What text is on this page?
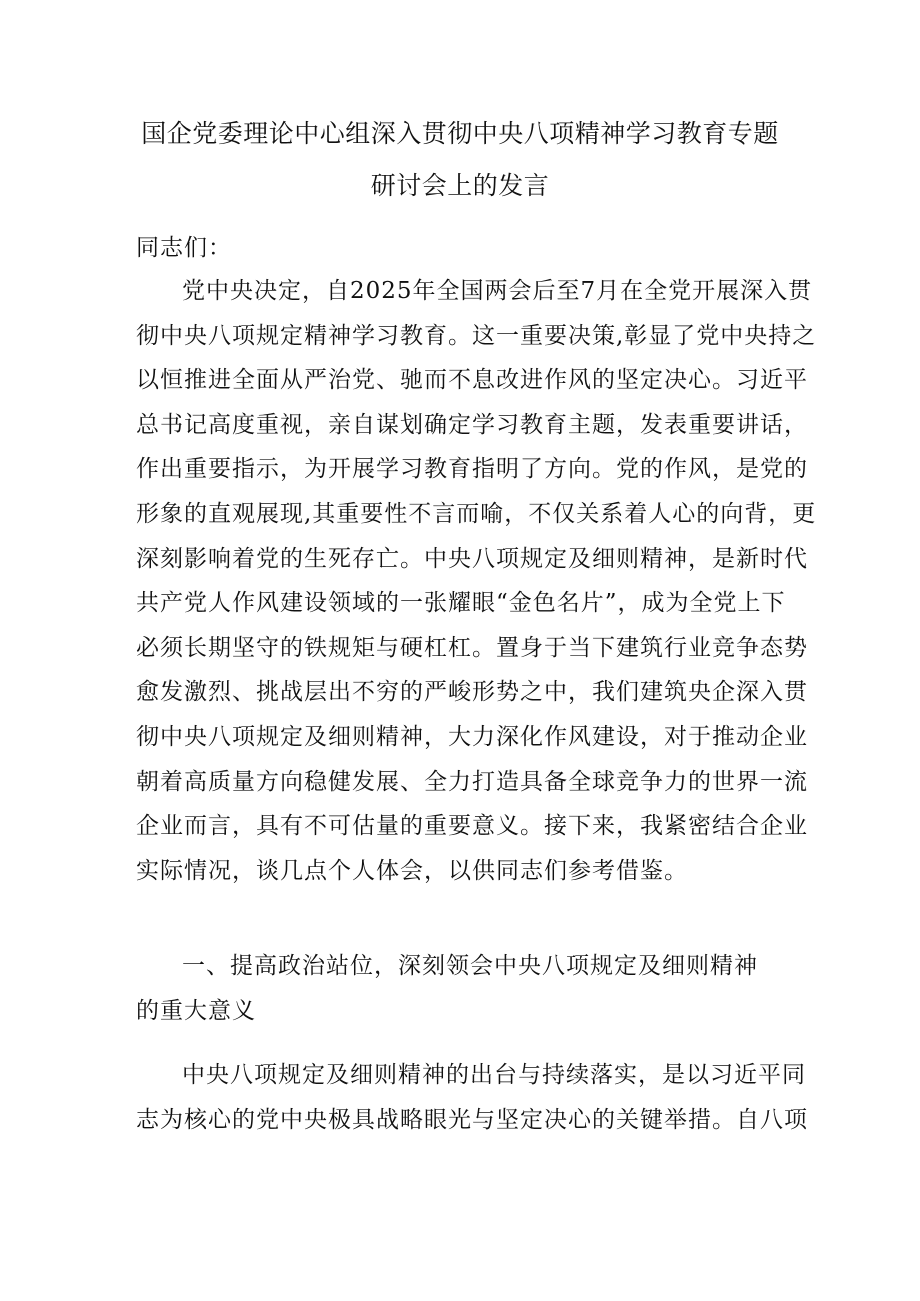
国企党委理论中心组深入贯彻中央八项精神学习教育专题
研讨会上的发言
同志们：
党中央决定，自2025年全国两会后至7月在全党开展深入贯
彻中央八项规定精神学习教育。这一重要决策,彰显了党中央持之
以恒推进全面从严治党、驰而不息改进作风的坚定决心。习近平
总书记高度重视，亲自谋划确定学习教育主题，发表重要讲话，
作出重要指示，为开展学习教育指明了方向。党的作风，是党的
形象的直观展现,其重要性不言而喻，不仅关系着人心的向背，更
深刻影响着党的生死存亡。中央八项规定及细则精神，是新时代
共产党人作风建设领域的一张耀眼“金色名片”，成为全党上下
必须长期坚守的铁规矩与硬杠杠。置身于当下建筑行业竞争态势
愈发激烈、挑战层出不穷的严峻形势之中，我们建筑央企深入贯
彻中央八项规定及细则精神，大力深化作风建设，对于推动企业
朝着高质量方向稳健发展、全力打造具备全球竞争力的世界一流
企业而言，具有不可估量的重要意义。接下来，我紧密结合企业
实际情况，谈几点个人体会，以供同志们参考借鉴。
一、提高政治站位，深刻领会中央八项规定及细则精神
的重大意义
中央八项规定及细则精神的出台与持续落实，是以习近平同
志为核心的党中央极具战略眼光与坚定决心的关键举措。自八项
